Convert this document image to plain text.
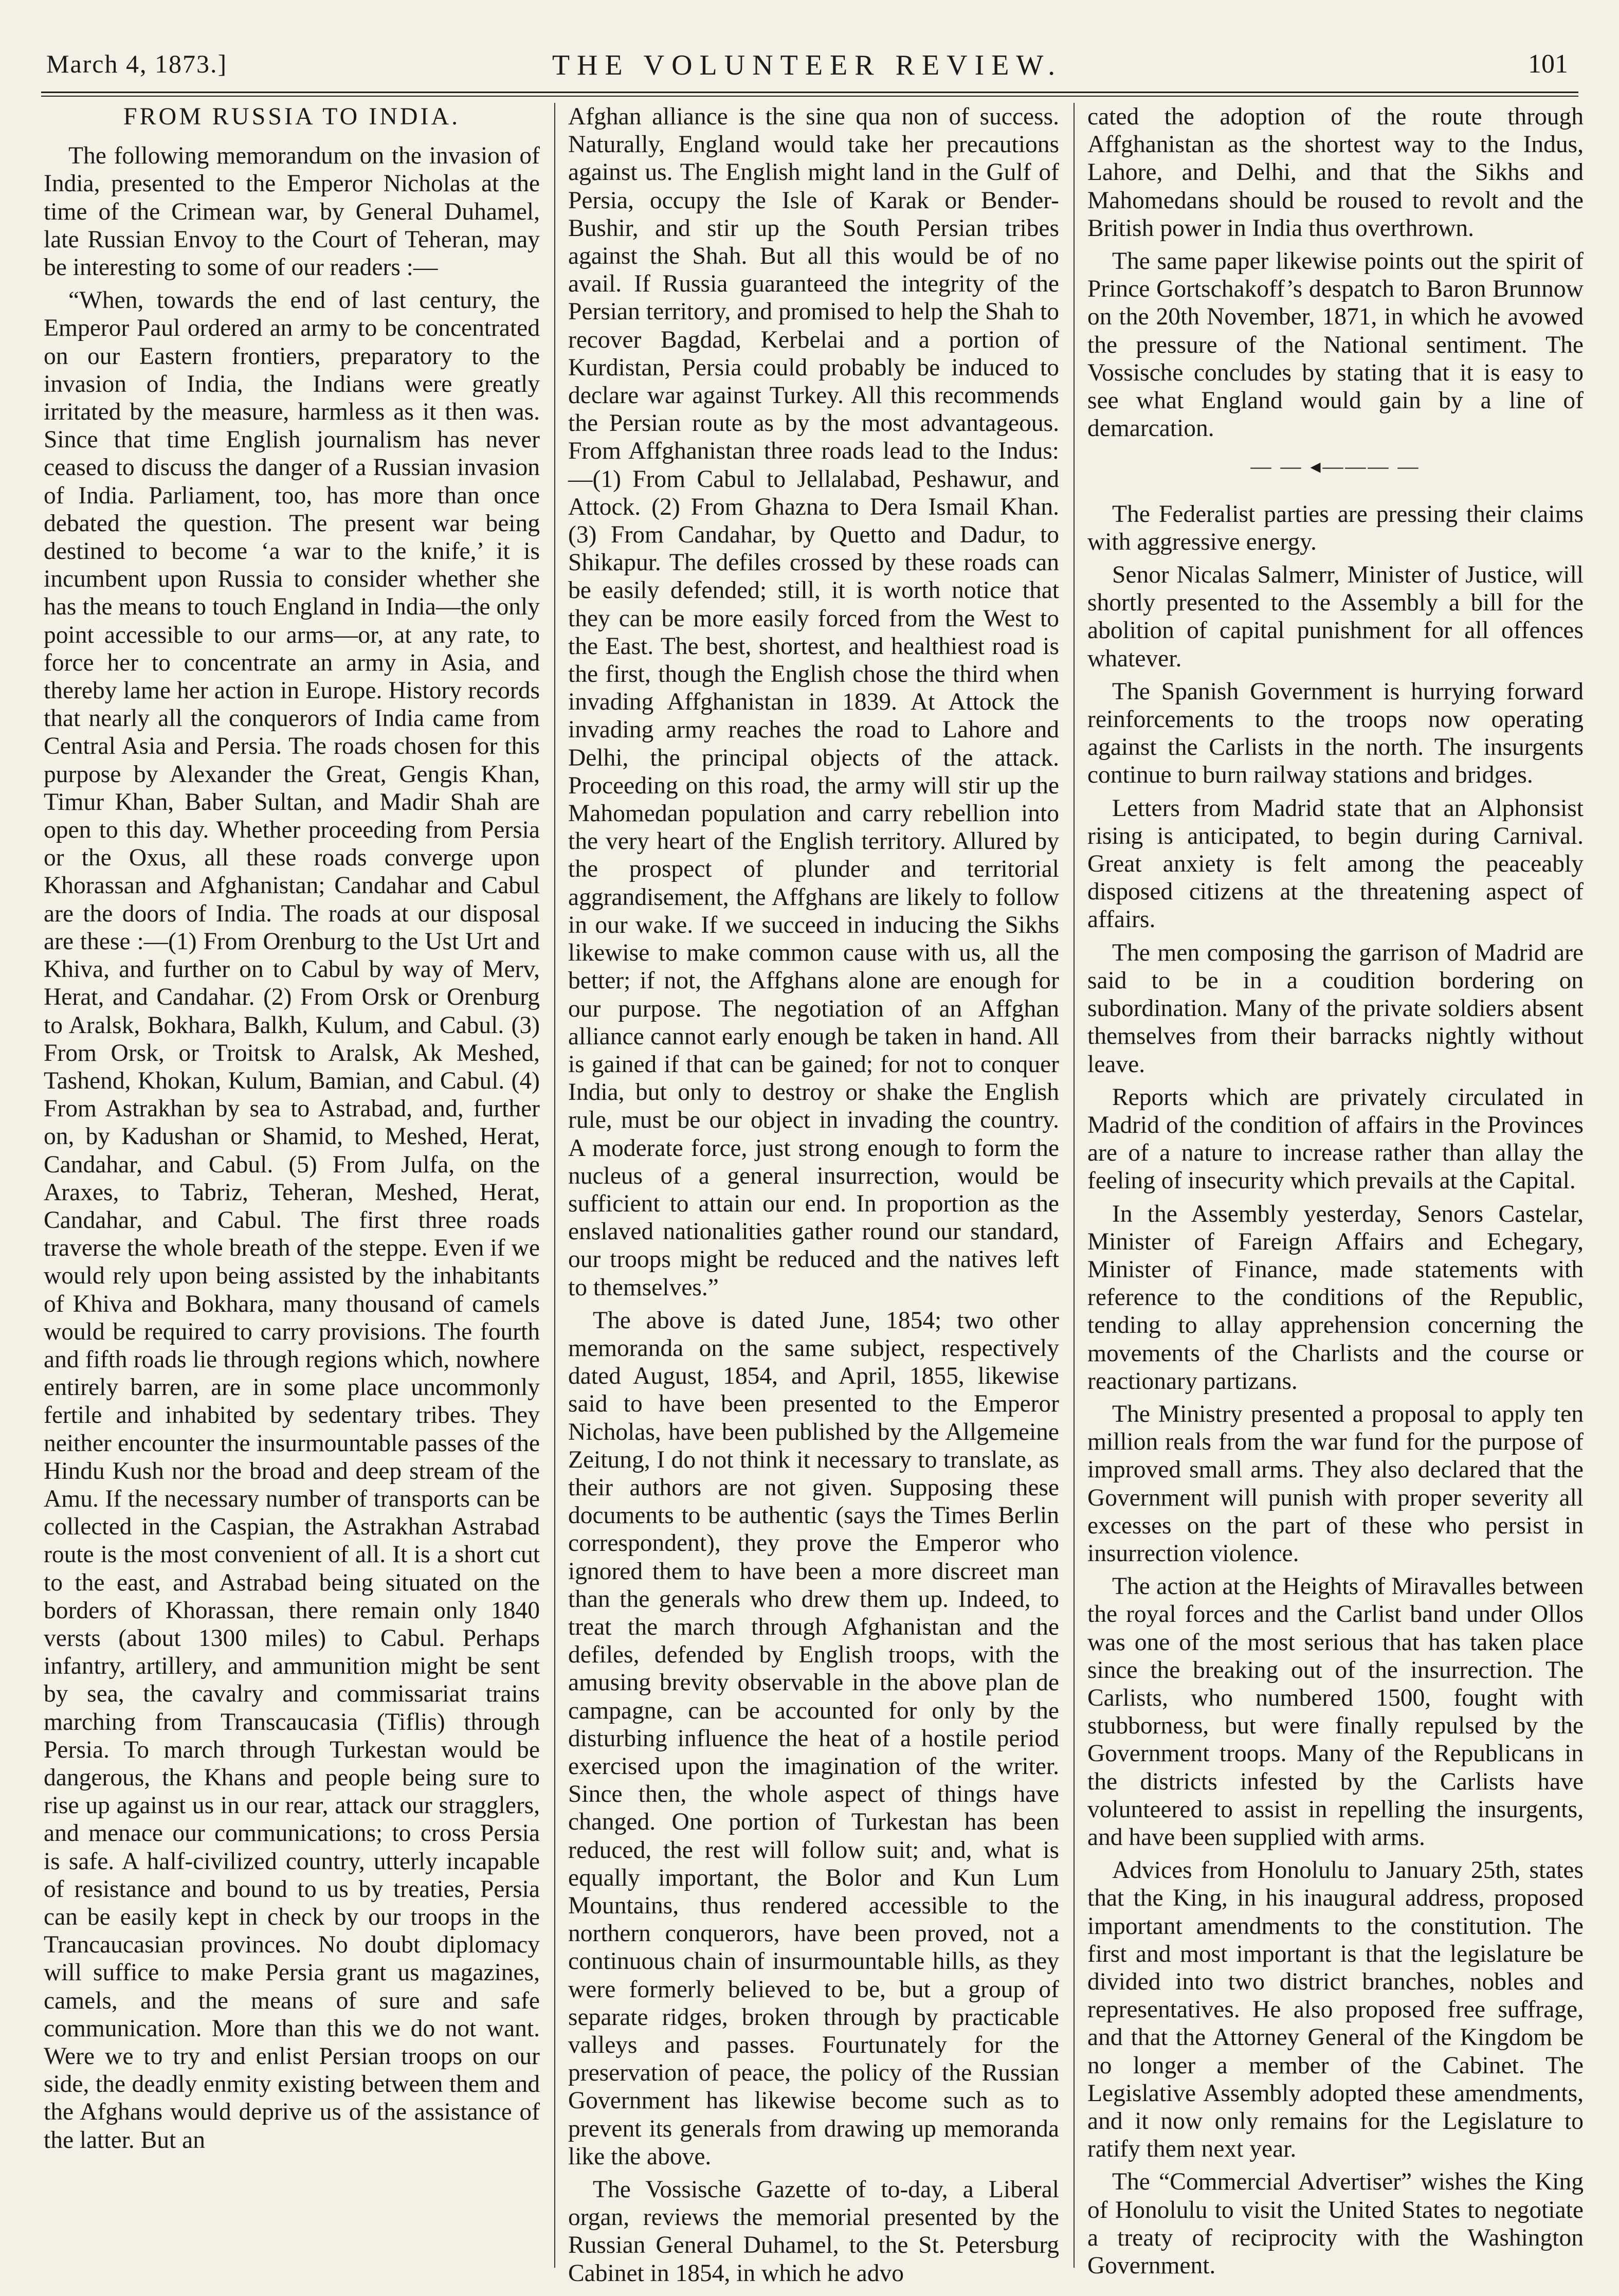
March 4, 1873.]	THE VOLUNTEER REVIEW.	101
FROM RUSSIA TO INDIA.

The following memorandum on the invasion of India, presented to the Emperor Nicholas at the time of the Crimean war, by General Duhamel, late Russian Envoy to the Court of Teheran, may be interesting to some of our readers :—

“When, towards the end of last century, the Emperor Paul ordered an army to be concentrated on our Eastern frontiers, preparatory to the invasion of India, the Indians were greatly irritated by the measure, harmless as it then was. Since that time English journalism has never ceased to discuss the danger of a Russian invasion of India. Parliament, too, has more than once debated the question. The present war being destined to become ‘a war to the knife,’ it is incumbent upon Russia to consider whether she has the means to touch England in India—the only point accessible to our arms—or, at any rate, to force her to concentrate an army in Asia, and thereby lame her action in Europe. History records that nearly all the conquerors of India came from Central Asia and Persia. The roads chosen for this purpose by Alexander the Great, Gengis Khan, Timur Khan, Baber Sultan, and Madir Shah are open to this day. Whether proceeding from Persia or the Oxus, all these roads converge upon Khorassan and Afghanistan; Candahar and Cabul are the doors of India. The roads at our disposal are these :—(1) From Orenburg to the Ust Urt and Khiva, and further on to Cabul by way of Merv, Herat, and Candahar. (2) From Orsk or Orenburg to Aralsk, Bokhara, Balkh, Kulum, and Cabul. (3) From Orsk, or Troitsk to Aralsk, Ak Meshed, Tashend, Khokan, Kulum, Bamian, and Cabul. (4) From Astrakhan by sea to Astrabad, and, further on, by Kadushan or Shamid, to Meshed, Herat, Candahar, and Cabul. (5) From Julfa, on the Araxes, to Tabriz, Teheran, Meshed, Herat, Candahar, and Cabul. The first three roads traverse the whole breath of the steppe. Even if we would rely upon being assisted by the inhabitants of Khiva and Bokhara, many thousand of camels would be required to carry provisions. The fourth and fifth roads lie through regions which, nowhere entirely barren, are in some place uncommonly fertile and inhabited by sedentary tribes. They neither encounter the insurmountable passes of the Hindu Kush nor the broad and deep stream of the Amu. If the necessary number of transports can be collected in the Caspian, the Astrakhan Astrabad route is the most convenient of all. It is a short cut to the east, and Astrabad being situated on the borders of Khorassan, there remain only 1840 versts (about 1300 miles) to Cabul. Perhaps infantry, artillery, and ammunition might be sent by sea, the cavalry and commissariat trains marching from Transcaucasia (Tiflis) through Persia. To march through Turkestan would be dangerous, the Khans and people being sure to rise up against us in our rear, attack our stragglers, and menace our communications; to cross Persia is safe. A half-civilized country, utterly incapable of resistance and bound to us by treaties, Persia can be easily kept in check by our troops in the Trancaucasian provinces. No doubt diplomacy will suffice to make Persia grant us magazines, camels, and the means of sure and safe communication. More than this we do not want. Were we to try and enlist Persian troops on our side, the deadly enmity existing between them and the Afghans would deprive us of the assistance of the latter. But an

Afghan alliance is the sine qua non of success. Naturally, England would take her precautions against us. The English might land in the Gulf of Persia, occupy the Isle of Karak or Bender-Bushir, and stir up the South Persian tribes against the Shah. But all this would be of no avail. If Russia guaranteed the integrity of the Persian territory, and promised to help the Shah to recover Bagdad, Kerbelai and a portion of Kurdistan, Persia could probably be induced to declare war against Turkey. All this recommends the Persian route as by the most advantageous. From Affghanistan three roads lead to the Indus:—(1) From Cabul to Jellalabad, Peshawur, and Attock. (2) From Ghazna to Dera Ismail Khan. (3) From Candahar, by Quetto and Dadur, to Shikapur. The defiles crossed by these roads can be easily defended; still, it is worth notice that they can be more easily forced from the West to the East. The best, shortest, and healthiest road is the first, though the English chose the third when invading Affghanistan in 1839. At Attock the invading army reaches the road to Lahore and Delhi, the principal objects of the attack. Proceeding on this road, the army will stir up the Mahomedan population and carry rebellion into the very heart of the English territory. Allured by the prospect of plunder and territorial aggrandisement, the Affghans are likely to follow in our wake. If we succeed in inducing the Sikhs likewise to make common cause with us, all the better; if not, the Affghans alone are enough for our purpose. The negotiation of an Affghan alliance cannot early enough be taken in hand. All is gained if that can be gained; for not to conquer India, but only to destroy or shake the English rule, must be our object in invading the country. A moderate force, just strong enough to form the nucleus of a general insurrection, would be sufficient to attain our end. In proportion as the enslaved nationalities gather round our standard, our troops might be reduced and the natives left to themselves.”

The above is dated June, 1854; two other memoranda on the same subject, respectively dated August, 1854, and April, 1855, likewise said to have been presented to the Emperor Nicholas, have been published by the Allgemeine Zeitung, I do not think it necessary to translate, as their authors are not given. Supposing these documents to be authentic (says the Times Berlin correspondent), they prove the Emperor who ignored them to have been a more discreet man than the generals who drew them up. Indeed, to treat the march through Afghanistan and the defiles, defended by English troops, with the amusing brevity observable in the above plan de campagne, can be accounted for only by the disturbing influence the heat of a hostile period exercised upon the imagination of the writer. Since then, the whole aspect of things have changed. One portion of Turkestan has been reduced, the rest will follow suit; and, what is equally important, the Bolor and Kun Lum Mountains, thus rendered accessible to the northern conquerors, have been proved, not a continuous chain of insurmountable hills, as they were formerly believed to be, but a group of separate ridges, broken through by practicable valleys and passes. Fourtunately for the preservation of peace, the policy of the Russian Government has likewise become such as to prevent its generals from drawing up memoranda like the above.

The Vossische Gazette of to-day, a Liberal organ, reviews the memorial presented by the Russian General Duhamel, to the St. Petersburg Cabinet in 1854, in which he advo

cated the adoption of the route through Affghanistan as the shortest way to the Indus, Lahore, and Delhi, and that the Sikhs and Mahomedans should be roused to revolt and the British power in India thus overthrown.

The same paper likewise points out the spirit of Prince Gortschakoff’s despatch to Baron Brunnow on the 20th November, 1871, in which he avowed the pressure of the National sentiment. The Vossische concludes by stating that it is easy to see what England would gain by a line of demarcation.

— — ◂——— —

The Federalist parties are pressing their claims with aggressive energy.

Senor Nicalas Salmerr, Minister of Justice, will shortly presented to the Assembly a bill for the abolition of capital punishment for all offences whatever.

The Spanish Government is hurrying forward reinforcements to the troops now operating against the Carlists in the north. The insurgents continue to burn railway stations and bridges.

Letters from Madrid state that an Alphonsist rising is anticipated, to begin during Carnival. Great anxiety is felt among the peaceably disposed citizens at the threatening aspect of affairs.

The men composing the garrison of Madrid are said to be in a coudition bordering on subordination. Many of the private soldiers absent themselves from their barracks nightly without leave.

Reports which are privately circulated in Madrid of the condition of affairs in the Provinces are of a nature to increase rather than allay the feeling of insecurity which prevails at the Capital.

In the Assembly yesterday, Senors Castelar, Minister of Fareign Affairs and Echegary, Minister of Finance, made statements with reference to the conditions of the Republic, tending to allay apprehension concerning the movements of the Charlists and the course or reactionary partizans.

The Ministry presented a proposal to apply ten million reals from the war fund for the purpose of improved small arms. They also declared that the Government will punish with proper severity all excesses on the part of these who persist in insurrection violence.

The action at the Heights of Miravalles between the royal forces and the Carlist band under Ollos was one of the most serious that has taken place since the breaking out of the insurrection. The Carlists, who numbered 1500, fought with stubborness, but were finally repulsed by the Government troops. Many of the Republicans in the districts infested by the Carlists have volunteered to assist in repelling the insurgents, and have been supplied with arms.

Advices from Honolulu to January 25th, states that the King, in his inaugural address, proposed important amendments to the constitution. The first and most important is that the legislature be divided into two district branches, nobles and representatives. He also proposed free suffrage, and that the Attorney General of the Kingdom be no longer a member of the Cabinet. The Legislative Assembly adopted these amendments, and it now only remains for the Legislature to ratify them next year.

The “Commercial Advertiser” wishes the King of Honolulu to visit the United States to negotiate a treaty of reciprocity with the Washington Government.
